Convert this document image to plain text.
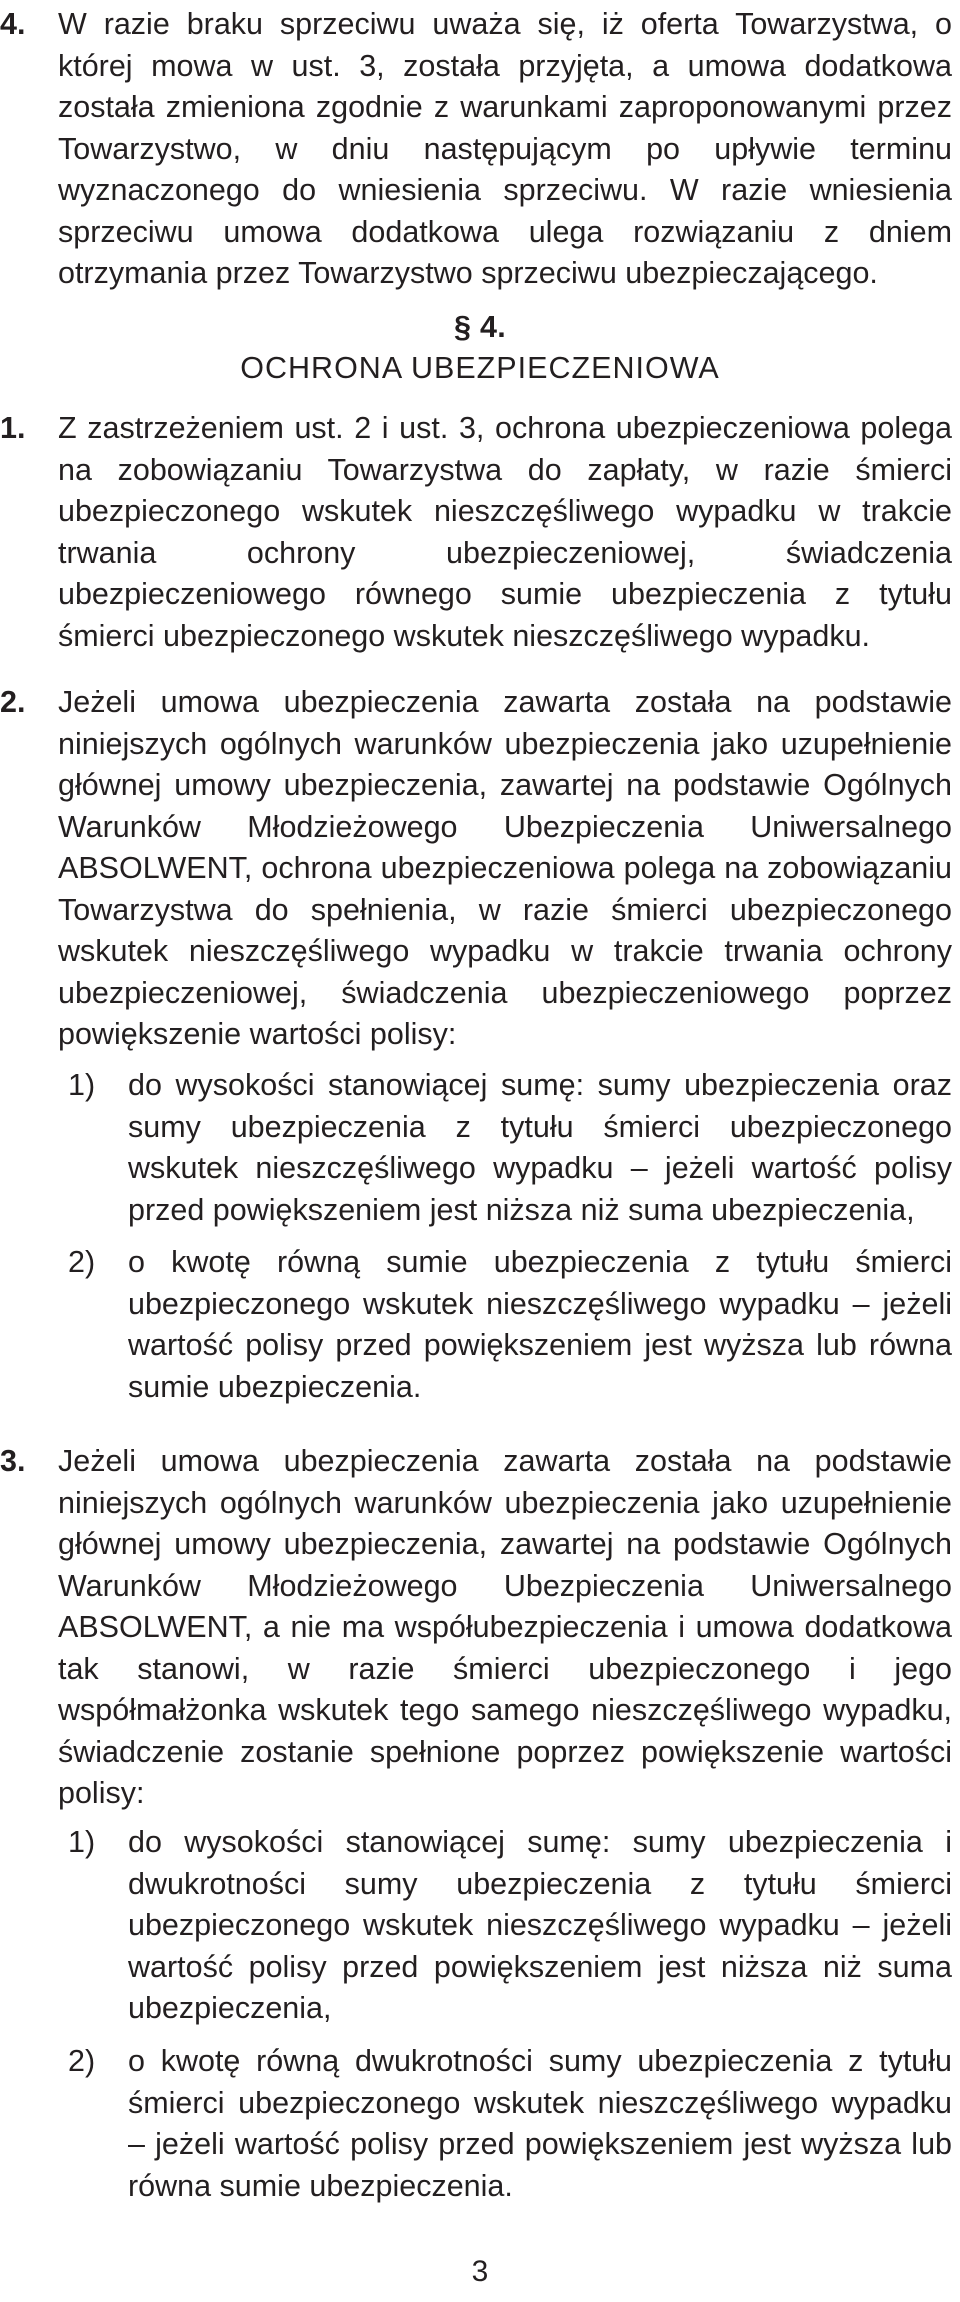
4. W razie braku sprzeciwu uważa się, iż oferta Towarzystwa, o której mowa w ust. 3, została przyjęta, a umowa dodatkowa została zmieniona zgodnie z warunkami zaproponowanymi przez Towarzystwo, w dniu następującym po upływie terminu wyznaczonego do wniesienia sprzeciwu. W razie wniesienia sprzeciwu umowa dodatkowa ulega rozwiązaniu z dniem otrzymania przez Towarzystwo sprzeciwu ubezpieczającego.
§ 4.
OCHRONA UBEZPIECZENIOWA
1. Z zastrzeżeniem ust. 2 i ust. 3, ochrona ubezpieczeniowa polega na zobowiązaniu Towarzystwa do zapłaty, w razie śmierci ubezpieczonego wskutek nieszczęśliwego wypadku w trakcie trwania ochrony ubezpieczeniowej, świadczenia ubezpieczeniowego równego sumie ubezpieczenia z tytułu śmierci ubezpieczonego wskutek nieszczęśliwego wypadku.
2. Jeżeli umowa ubezpieczenia zawarta została na podstawie niniejszych ogólnych warunków ubezpieczenia jako uzupełnienie głównej umowy ubezpieczenia, zawartej na podstawie Ogólnych Warunków Młodzieżowego Ubezpieczenia Uniwersalnego ABSOLWENT, ochrona ubezpieczeniowa polega na zobowiązaniu Towarzystwa do spełnienia, w razie śmierci ubezpieczonego wskutek nieszczęśliwego wypadku w trakcie trwania ochrony ubezpieczeniowej, świadczenia ubezpieczeniowego poprzez powiększenie wartości polisy:
1) do wysokości stanowiącej sumę: sumy ubezpieczenia oraz sumy ubezpieczenia z tytułu śmierci ubezpieczonego wskutek nieszczęśliwego wypadku – jeżeli wartość polisy przed powiększeniem jest niższa niż suma ubezpieczenia,
2) o kwotę równą sumie ubezpieczenia z tytułu śmierci ubezpieczonego wskutek nieszczęśliwego wypadku – jeżeli wartość polisy przed powiększeniem jest wyższa lub równa sumie ubezpieczenia.
3. Jeżeli umowa ubezpieczenia zawarta została na podstawie niniejszych ogólnych warunków ubezpieczenia jako uzupełnienie głównej umowy ubezpieczenia, zawartej na podstawie Ogólnych Warunków Młodzieżowego Ubezpieczenia Uniwersalnego ABSOLWENT, a nie ma współubezpieczenia i umowa dodatkowa tak stanowi, w razie śmierci ubezpieczonego i jego współmałżonka wskutek tego samego nieszczęśliwego wypadku, świadczenie zostanie spełnione poprzez powiększenie wartości polisy:
1) do wysokości stanowiącej sumę: sumy ubezpieczenia i dwukrotności sumy ubezpieczenia z tytułu śmierci ubezpieczonego wskutek nieszczęśliwego wypadku – jeżeli wartość polisy przed powiększeniem jest niższa niż suma ubezpieczenia,
2) o kwotę równą dwukrotności sumy ubezpieczenia z tytułu śmierci ubezpieczonego wskutek nieszczęśliwego wypadku – jeżeli wartość polisy przed powiększeniem jest wyższa lub równa sumie ubezpieczenia.
3
